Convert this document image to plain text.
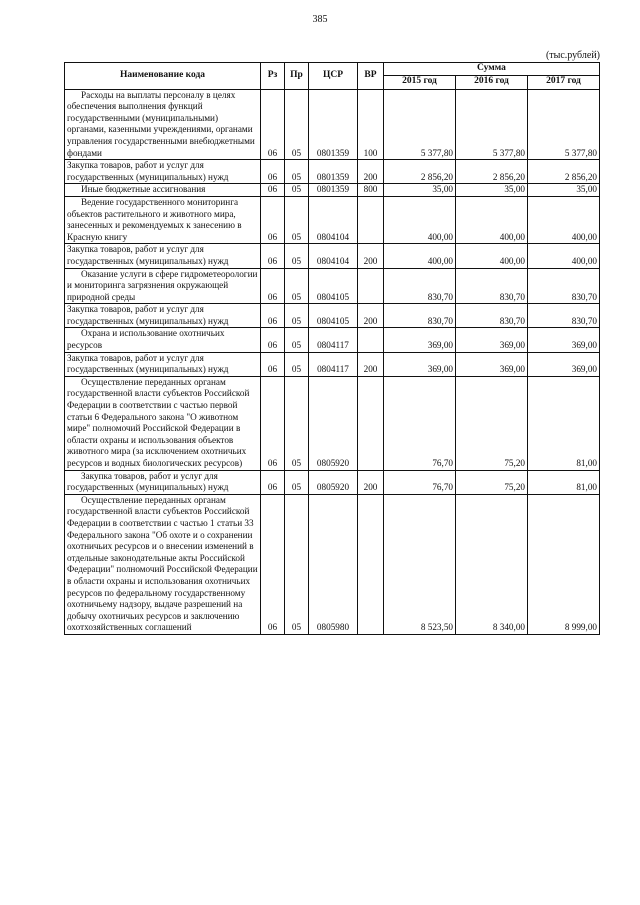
385
(тыс.рублей)
Наименование кода	Рз	Пр	ЦСР	ВР	Сумма		
					2015 год	2016 год	2017 год
Расходы на выплаты персоналу в целях обеспечения выполнения функций государственными (муниципальными) органами, казенными учреждениями, органами управления государственными внебюджетными фондами	06	05	0801359	100	5 377,80	5 377,80	5 377,80
Закупка товаров, работ и услуг для государственных (муниципальных) нужд	06	05	0801359	200	2 856,20	2 856,20	2 856,20
Иные бюджетные ассигнования	06	05	0801359	800	35,00	35,00	35,00
Ведение государственного мониторинга объектов растительного и животного мира, занесенных и рекомендуемых к занесению в Красную книгу	06	05	0804104		400,00	400,00	400,00
Закупка товаров, работ и услуг для государственных (муниципальных) нужд	06	05	0804104	200	400,00	400,00	400,00
Оказание услуги в сфере гидрометеорологии и мониторинга загрязнения окружающей природной среды	06	05	0804105		830,70	830,70	830,70
Закупка товаров, работ и услуг для государственных (муниципальных) нужд	06	05	0804105	200	830,70	830,70	830,70
Охрана и использование охотничьих ресурсов	06	05	0804117		369,00	369,00	369,00
Закупка товаров, работ и услуг для государственных (муниципальных) нужд	06	05	0804117	200	369,00	369,00	369,00
Осуществление переданных органам государственной власти субъектов Российской Федерации в соответствии с частью первой статьи 6 Федерального закона "О животном мире" полномочий Российской Федерации в области охраны и использования объектов животного мира (за исключением охотничьих ресурсов и водных биологических ресурсов)	06	05	0805920		76,70	75,20	81,00
Закупка товаров, работ и услуг для государственных (муниципальных) нужд	06	05	0805920	200	76,70	75,20	81,00
Осуществление переданных органам государственной власти субъектов Российской Федерации в соответствии с частью 1 статьи 33 Федерального закона "Об охоте и о сохранении охотничьих ресурсов и о внесении изменений в отдельные законодательные акты Российской Федерации" полномочий Российской Федерации в области охраны и использования охотничьих ресурсов по федеральному государственному охотничьему надзору, выдаче разрешений на добычу охотничьих ресурсов и заключению охотхозяйственных соглашений	06	05	0805980		8 523,50	8 340,00	8 999,00
